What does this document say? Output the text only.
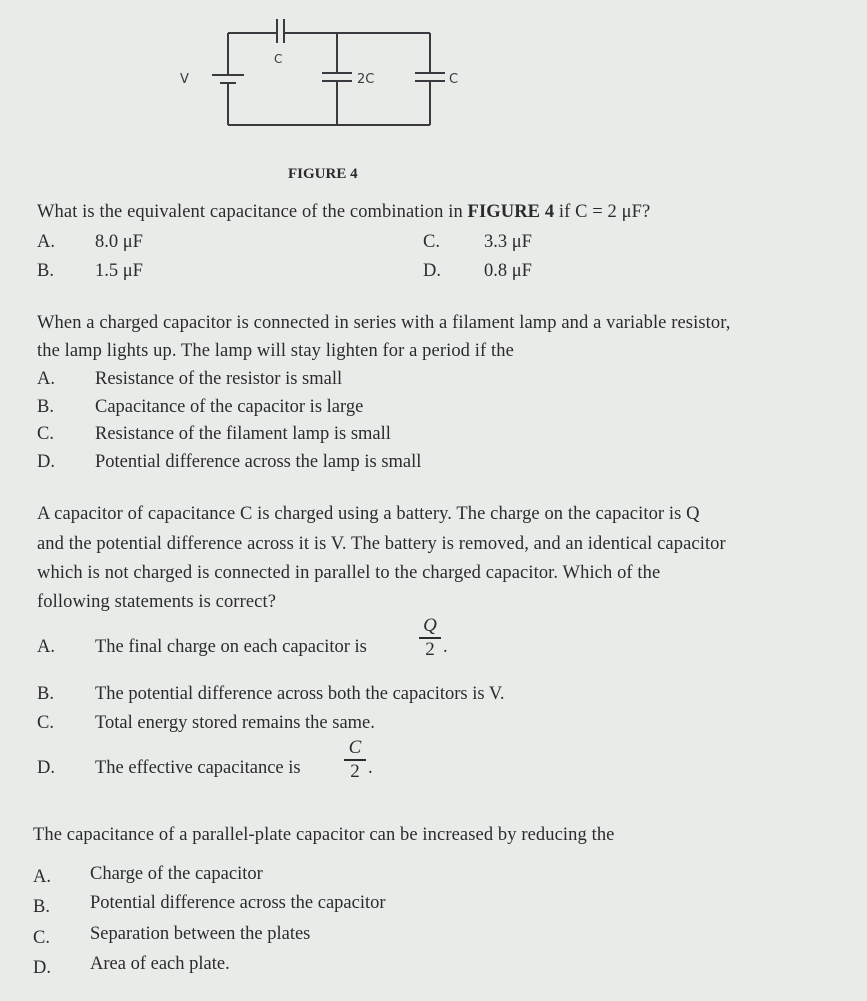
V
C
2C	C
FIGURE 4
What is the equivalent capacitance of the combination in FIGURE 4 if C = 2 μF?
A. 8.0 μF	C. 3.3 μF
B. 1.5 μF	D. 0.8 μF
When a charged capacitor is connected in series with a filament lamp and a variable resistor,
the lamp lights up. The lamp will stay lighten for a period if the
A. Resistance of the resistor is small
B. Capacitance of the capacitor is large
C. Resistance of the filament lamp is small
D. Potential difference across the lamp is small
A capacitor of capacitance C is charged using a battery. The charge on the capacitor is Q
and the potential difference across it is V. The battery is removed, and an identical capacitor
which is not charged is connected in parallel to the charged capacitor. Which of the
following statements is correct?
A. The final charge on each capacitor is
Q
2 .
B. The potential difference across both the capacitors is V.
C. Total energy stored remains the same.
D. The effective capacitance is
C
2 .
The capacitance of a parallel-plate capacitor can be increased by reducing the
A. Charge of the capacitor
B. Potential difference across the capacitor
C. Separation between the plates
D. Area of each plate.
